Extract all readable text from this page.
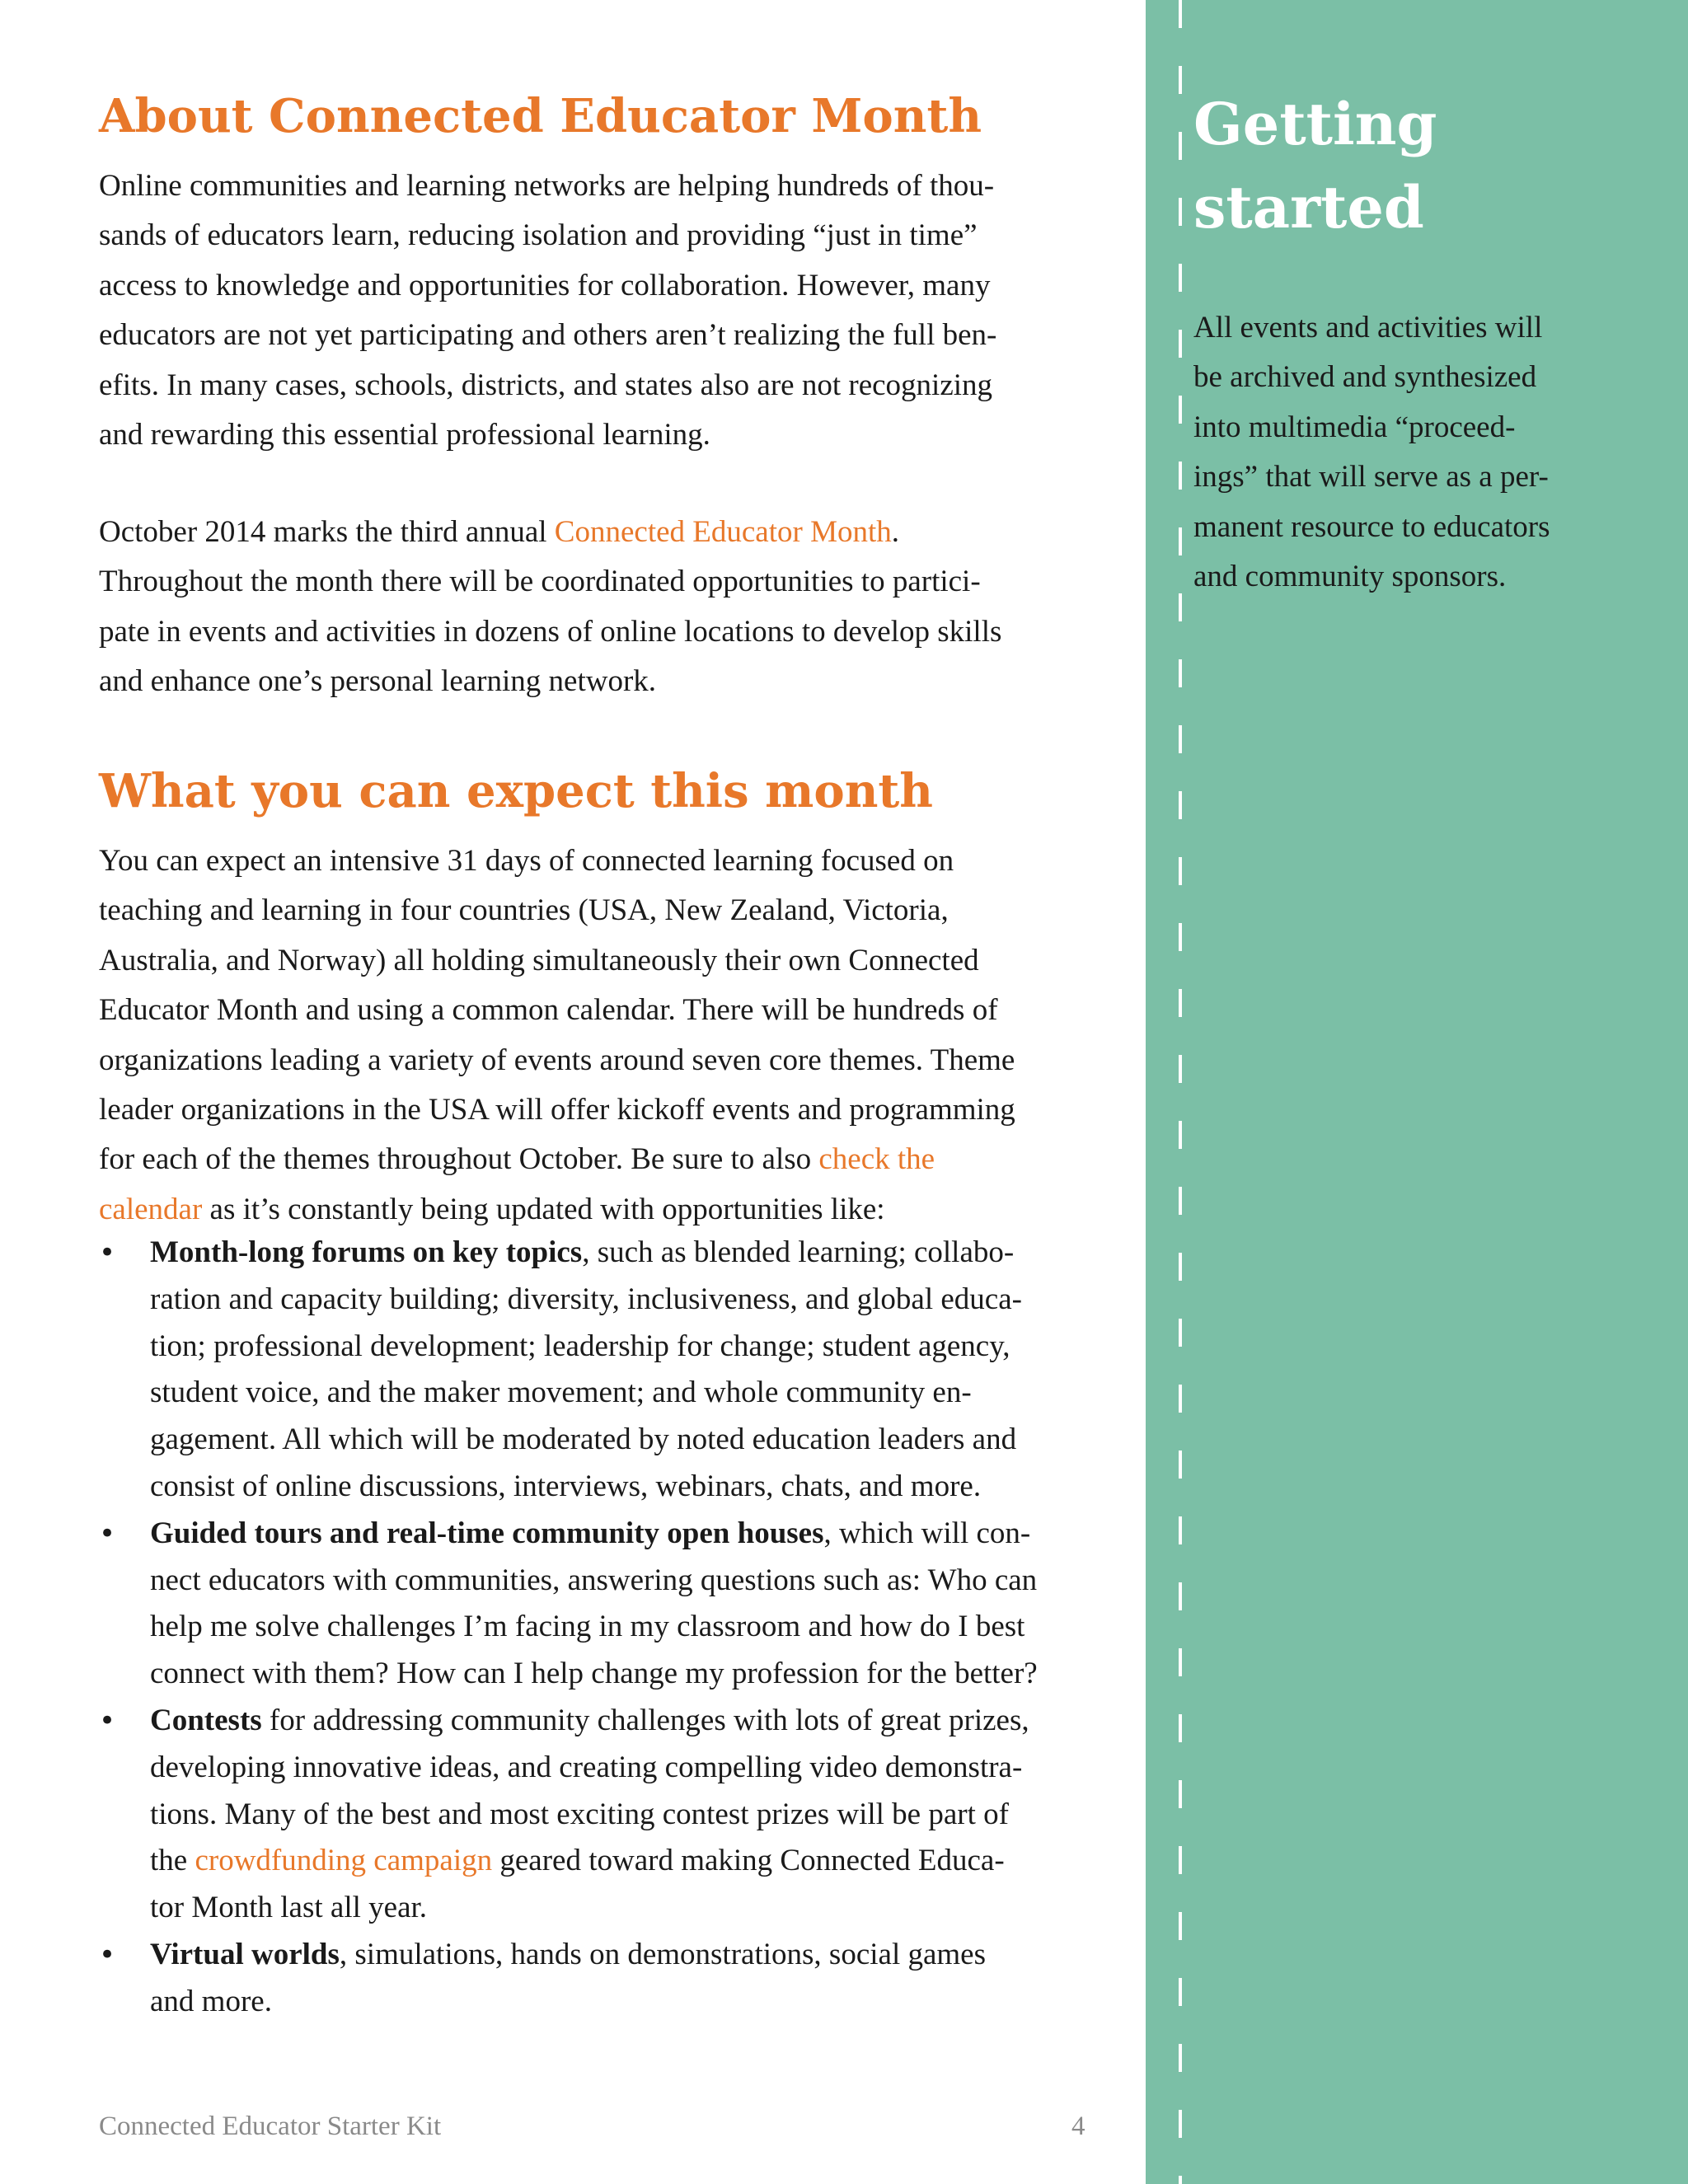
About Connected Educator Month

Online communities and learning networks are helping hundreds of thou-
sands of educators learn, reducing isolation and providing “just in time”
access to knowledge and opportunities for collaboration. However, many
educators are not yet participating and others aren’t realizing the full ben-
efits. In many cases, schools, districts, and states also are not recognizing
and rewarding this essential professional learning.

October 2014 marks the third annual Connected Educator Month.
Throughout the month there will be coordinated opportunities to partici-
pate in events and activities in dozens of online locations to develop skills
and enhance one’s personal learning network.

What you can expect this month

You can expect an intensive 31 days of connected learning focused on
teaching and learning in four countries (USA, New Zealand, Victoria,
Australia, and Norway) all holding simultaneously their own Connected
Educator Month and using a common calendar. There will be hundreds of
organizations leading a variety of events around seven core themes. Theme
leader organizations in the USA will offer kickoff events and programming
for each of the themes throughout October. Be sure to also check the
calendar as it’s constantly being updated with opportunities like:

• Month-long forums on key topics, such as blended learning; collabo-
ration and capacity building; diversity, inclusiveness, and global educa-
tion; professional development; leadership for change; student agency,
student voice, and the maker movement; and whole community en-
gagement. All which will be moderated by noted education leaders and
consist of online discussions, interviews, webinars, chats, and more.
• Guided tours and real-time community open houses, which will con-
nect educators with communities, answering questions such as: Who can
help me solve challenges I’m facing in my classroom and how do I best
connect with them? How can I help change my profession for the better?
• Contests for addressing community challenges with lots of great prizes,
developing innovative ideas, and creating compelling video demonstra-
tions. Many of the best and most exciting contest prizes will be part of
the crowdfunding campaign geared toward making Connected Educa-
tor Month last all year.
• Virtual worlds, simulations, hands on demonstrations, social games
and more.
Connected Educator Starter Kit	4
Getting
started

All events and activities will
be archived and synthesized
into multimedia “proceed-
ings” that will serve as a per-
manent resource to educators
and community sponsors.
